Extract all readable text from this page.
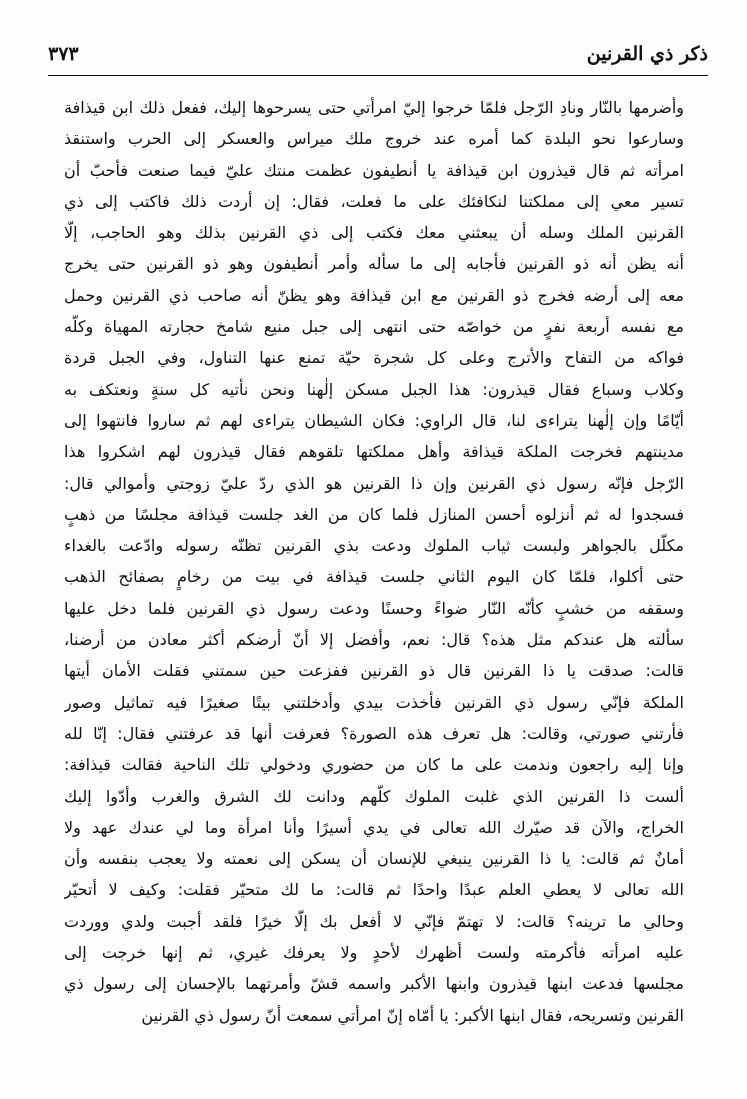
ذكر ذي القرنين
٣٧٣
وأضرمها بالنّار ونادِ الرّجل فلمّا خرجوا إليّ امرأتي حتى يسرحوها إليك، ففعل ذلك ابن قيذافة
وسارعوا نحو البلدة كما أمره عند خروج ملك ميراس والعسكر إلى الحرب واستنقذ
امرأته ثم قال قيذرون ابن قيذافة يا أنطيفون عظمت منتك عليّ فيما صنعت فأحبّ أن
تسير معي إلى مملكتنا لنكافئك على ما فعلت، فقال: إن أردت ذلك فاكتب إلى ذي
القرنين الملك وسله أن يبعثني معك فكتب إلى ذي القرنين بذلك وهو الحاجب، إلّا
أنه يظن أنه ذو القرنين فأجابه إلى ما سأله وأمر أنطيفون وهو ذو القرنين حتى يخرج
معه إلى أرضه فخرج ذو القرنين مع ابن قيذافة وهو يظنّ أنه صاحب ذي القرنين وحمل
مع نفسه أربعة نفرٍ من خواصّه حتى انتهى إلى جبل منيع شامخ حجارته المهياة وكلّه
فواكه من التفاح والأترج وعلى كل شجرة حيّة تمنع عنها التناول، وفي الجبل قردة
وكلاب وسباع فقال قيذرون: هذا الجبل مسكن إلٰهنا ونحن نأتيه كل سنةٍ ونعتكف به
أيّامًا وإن إلٰهنا يتراءى لنا، قال الراوي: فكان الشيطان يتراءى لهم ثم ساروا فانتهوا إلى
مدينتهم فخرجت الملكة قيذافة وأهل مملكتها تلقوهم فقال قيذرون لهم اشكروا هذا
الرّجل فإنّه رسول ذي القرنين وإن ذا القرنين هو الذي ردّ عليّ زوجتي وأموالي قال:
فسجدوا له ثم أنزلوه أحسن المنازل فلما كان من الغد جلست قيذافة مجلسًا من ذهبٍ
مكلّل بالجواهر ولبست ثياب الملوك ودعت بذي القرنين تظنّه رسوله وادّعت بالغداء
حتى أكلوا، فلمّا كان اليوم الثاني جلست قيذافة في بيت من رخامٍ بصفائح الذهب
وسقفه من خشبٍ كأنّه النّار ضواءً وحسنًا ودعت رسول ذي القرنين فلما دخل عليها
سألته هل عندكم مثل هذه؟ قال: نعم، وأفضل إلا أنّ أرضكم أكثر معادن من أرضنا،
قالت: صدقت يا ذا القرنين قال ذو القرنين ففزعت حين سمتني فقلت الأمان أيتها
الملكة فإنّي رسول ذي القرنين فأخذت بيدي وأدخلتني بيتًا صغيرًا فيه تماثيل وصور
فأرتني صورتي، وقالت: هل تعرف هذه الصورة؟ فعرفت أنها قد عرفتني فقال: إنّا لله
وإنا إليه راجعون وندمت على ما كان من حضوري ودخولي تلك الناحية فقالت قيذافة:
ألست ذا القرنين الذي غلبت الملوك كلّهم ودانت لك الشرق والغرب وأدّوا إليك
الخراج، والآن قد صيّرك الله تعالى في يدي أسيرًا وأنا امرأة وما لي عندك عهد ولا
أمانٌ ثم قالت: يا ذا القرنين ينبغي للإنسان أن يسكن إلى نعمته ولا يعجب بنفسه وأن
الله تعالى لا يعطي العلم عبدًا واحدًا ثم قالت: ما لك متحيّر فقلت: وكيف لا أتحيّر
وحالي ما ترينه؟ قالت: لا تهتمّ فإنّي لا أفعل بك إلّا خيرًا فلقد أجبت ولدي ووردت
عليه امرأته فأكرمته ولست أظهرك لأحدٍ ولا يعرفك غيري، ثم إنها خرجت إلى
مجلسها فدعت ابنها قيذرون وابنها الأكبر واسمه قشّ وأمرتهما بالإحسان إلى رسول ذي
القرنين وتسريحه، فقال ابنها الأكبر: يا أمّاه إنّ امرأتي سمعت أنّ رسول ذي القرنين
